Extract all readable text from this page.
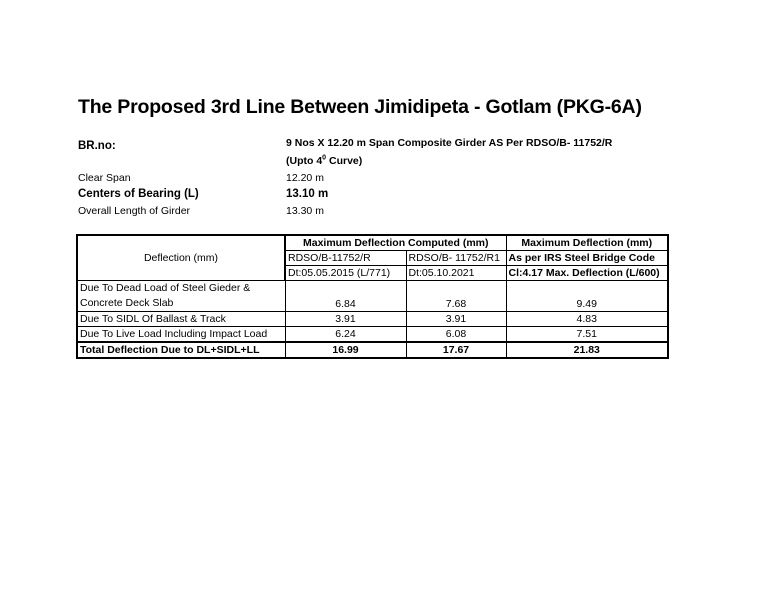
The Proposed 3rd Line Between Jimidipeta - Gotlam (PKG-6A)
BR.no:	9 Nos X 12.20 m Span Composite Girder AS Per RDSO/B- 11752/R
(Upto $4^0$ Curve)
Clear Span	12.20 m
Centers of Bearing (L)	13.10 m
Overall Length of Girder	13.30 m
Deflection (mm)	Maximum Deflection Computed (mm)		Maximum Deflection (mm)
	RDSO/B-11752/R	RDSO/B- 11752/R1	As per IRS Steel Bridge Code
	Dt:05.05.2015 (L/771)	Dt:05.10.2021	Cl:4.17 Max. Deflection (L/600)

Due To Dead Load of Steel Gieder &
Concrete Deck Slab	6.84	7.68	9.49
Due To SIDL Of Ballast & Track	3.91	3.91	4.83
Due To Live Load Including Impact Load	6.24	6.08	7.51
Total Deflection Due to DL+SIDL+LL	16.99	17.67	21.83
